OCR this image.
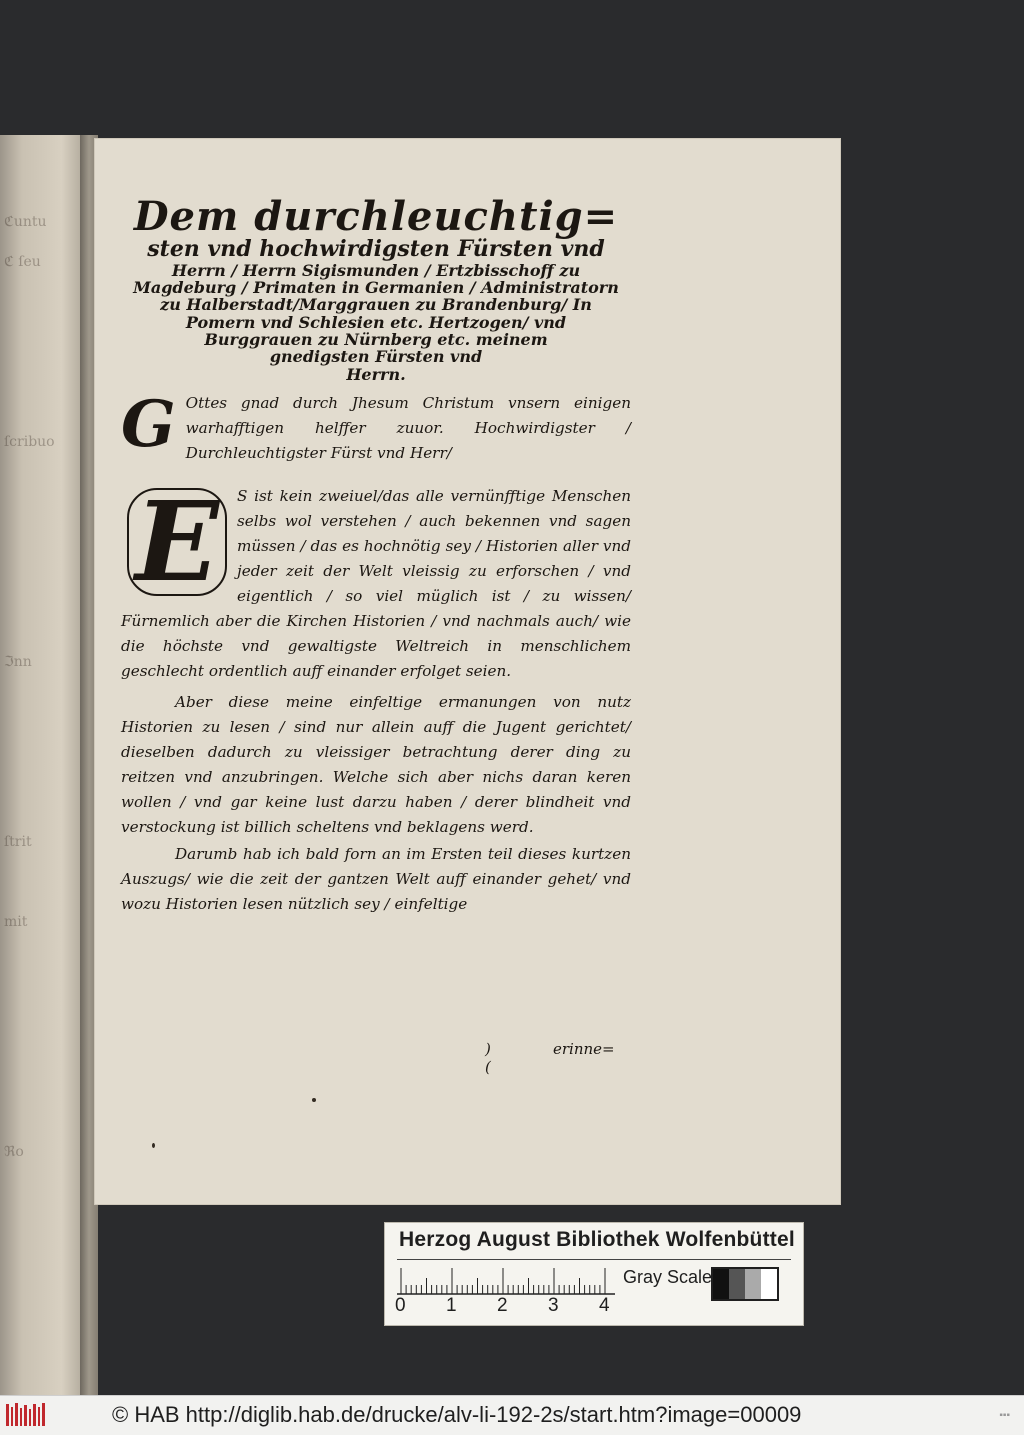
ℭuntu
ℭ ſeu
ſcribuo
ℑnn
ſtrit
mit
ℜo
Dem durchleuchtig=
sten vnd hochwirdigsten Fürsten vnd
Herrn / Herrn Sigismunden / Ertzbisschoff zu
Magdeburg / Primaten in Germanien / Administratorn
zu Halberstadt/Marggrauen zu Brandenburg/ In
Pomern vnd Schlesien etc. Hertzogen/ vnd
Burggrauen zu Nürnberg etc. meinem
gnedigsten Fürsten vnd
Herrn.

G Ottes gnad durch Jhesum Christum vnsern einigen warhafftigen helffer zuuor. Hochwirdigster / Durchleuchtigster Fürst vnd Herr/

E	S ist kein zweiuel/das alle vernünfftige Menschen selbs wol verstehen / auch bekennen vnd sagen müssen / das es hochnötig sey / Historien aller vnd jeder zeit der Welt vleissig zu erforschen / vnd eigentlich / so viel müglich ist / zu wissen/ Fürnemlich aber die Kirchen Historien / vnd nachmals auch/ wie die höchste vnd gewaltigste Weltreich in menschlichem geschlecht ordentlich auff einander erfolget seien.

Aber diese meine einfeltige ermanungen von nutz Historien zu lesen / sind nur allein auff die Jugent gerichtet/ dieselben dadurch zu vleissiger betrachtung derer ding zu reitzen vnd anzubringen. Welche sich aber nichs daran keren wollen / vnd gar keine lust darzu haben / derer blindheit vnd verstockung ist billich scheltens vnd beklagens werd.

Darumb hab ich bald forn an im Ersten teil dieses kurtzen Auszugs/ wie die zeit der gantzen Welt auff einander gehet/ vnd wozu Historien lesen nützlich sey / einfeltige

)(
erinne=
Herzog August Bibliothek Wolfenbüttel
0 1 2 3 4
Gray Scale
© HAB http://diglib.hab.de/drucke/alv-li-192-2s/start.htm?image=00009	▪▪▪
